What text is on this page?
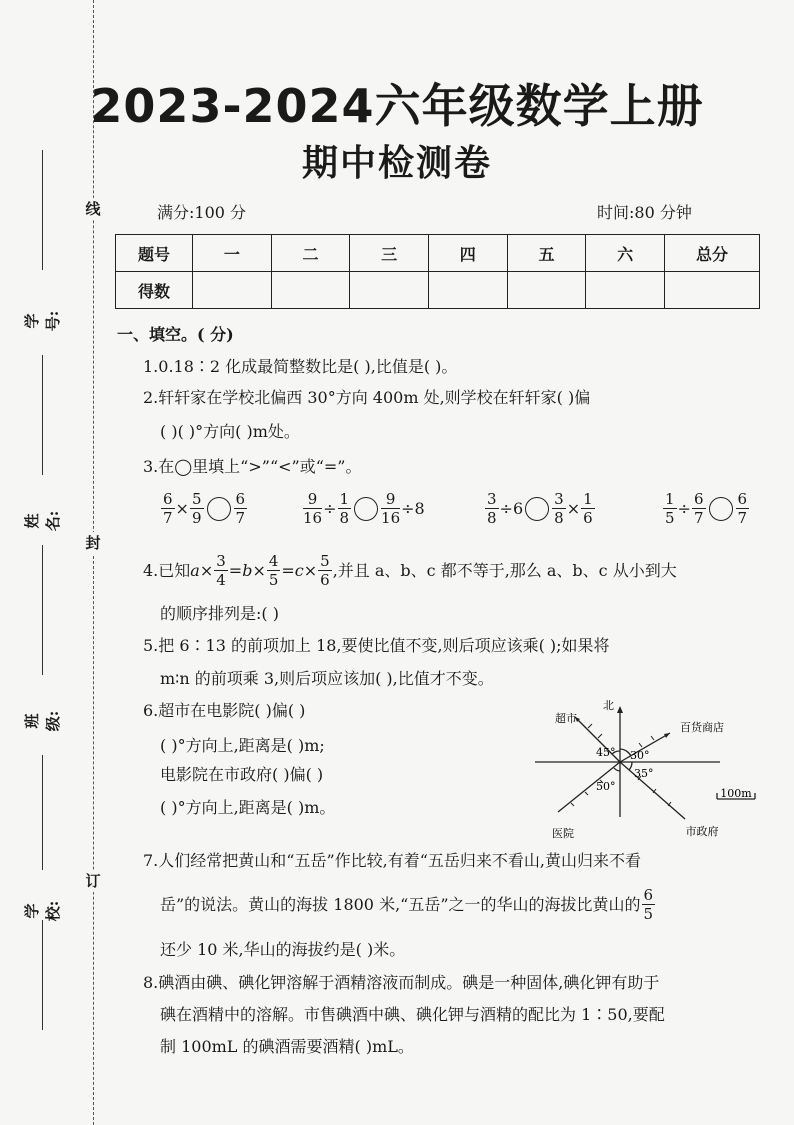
线
封
订
学号:
姓名:
班级:
学校:
2023-2024六年级数学上册
期中检测卷
满分:100 分	时间:80 分钟
题号	一	二	三	四	五	六	总分
得数							
一、填空。( 分)
1.0.18∶2 化成最简整数比是( ),比值是( )。
2.轩轩家在学校北偏西 30°方向 400m 处,则学校在轩轩家( )偏
( )( )°方向( )m处。
3.在◯里填上“>”“<”或“=”。
$\frac{6}{7} \times \frac{5}{9} \frac{6}{7}$	$\frac{9}{16} \div \frac{1}{8} \frac{9}{16} \div 8$	$\frac{3}{8} \div 6 \frac{3}{8} \times \frac{1}{6}$	$\frac{1}{5} \div \frac{6}{7} \frac{6}{7}$
4.已知 $a \times \frac{3}{4} = b \times \frac{4}{5} = c \times \frac{5}{6}$ ,并且 a、b、c 都不等于,那么 a、b、c 从小到大
的顺序排列是:( )
5.把 6∶13 的前项加上 18,要使比值不变,则后项应该乘( );如果将
m∶n 的前项乘 3,则后项应该加( ),比值才不变。
6.超市在电影院( )偏( )
( )°方向上,距离是( )m;
电影院在市政府( )偏( )
( )°方向上,距离是( )m。
北
超市
百货商店
医院	市政府
100m
45° 30°
35°
50°
7.人们经常把黄山和“五岳”作比较,有着“五岳归来不看山,黄山归来不看
岳”的说法。黄山的海拔 1800 米,“五岳”之一的华山的海拔比黄山的 $\frac{6}{5}$
还少 10 米,华山的海拔约是( )米。
8.碘酒由碘、碘化钾溶解于酒精溶液而制成。碘是一种固体,碘化钾有助于
碘在酒精中的溶解。市售碘酒中碘、碘化钾与酒精的配比为 1∶50,要配
制 100mL 的碘酒需要酒精( )mL。
